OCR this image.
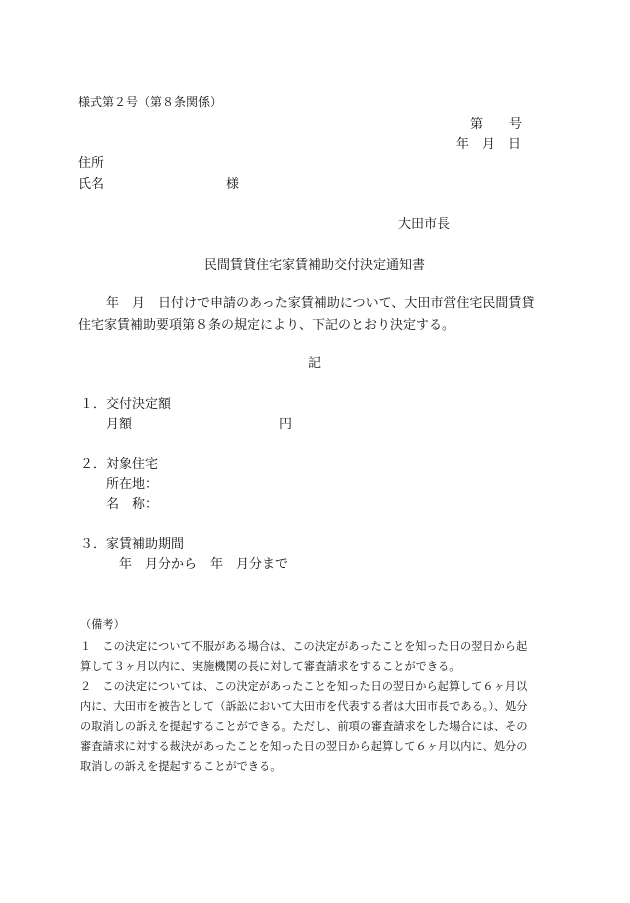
様式第２号（第８条関係）
第　　号
年　月　日
住所
氏名	様
大田市長
民間賃貸住宅家賃補助交付決定通知書
年　月　日付けで申請のあった家賃補助について、大田市営住宅民間賃貸
住宅家賃補助要項第８条の規定により、下記のとおり決定する。
記
１．交付決定額
月額	円
２．対象住宅
所在地：
名　称：
３．家賃補助期間
年　月分から　年　月分まで
（備考）
１　この決定について不服がある場合は、この決定があったことを知った日の翌日から起
算して３ヶ月以内に、実施機関の長に対して審査請求をすることができる。
２　この決定については、この決定があったことを知った日の翌日から起算して６ヶ月以
内に、大田市を被告として（訴訟において大田市を代表する者は大田市長である。）、処分
の取消しの訴えを提起することができる。ただし、前項の審査請求をした場合には、その
審査請求に対する裁決があったことを知った日の翌日から起算して６ヶ月以内に、処分の
取消しの訴えを提起することができる。
